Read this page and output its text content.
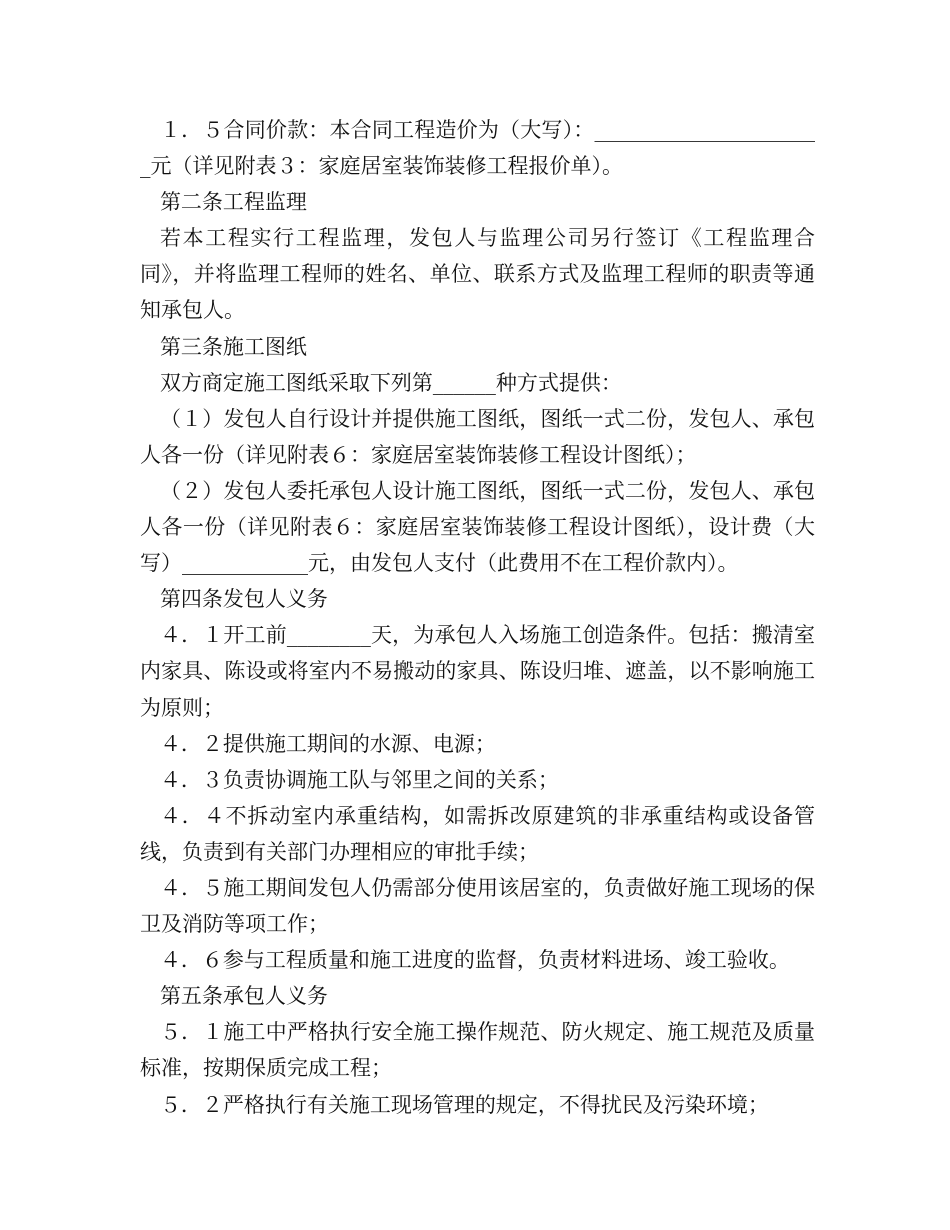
１．５合同价款：本合同工程造价为（大写）：______________________元（详见附表３：家庭居室装饰装修工程报价单）。

第二条工程监理

若本工程实行工程监理，发包人与监理公司另行签订《工程监理合同》，并将监理工程师的姓名、单位、联系方式及监理工程师的职责等通知承包人。

第三条施工图纸

双方商定施工图纸采取下列第______种方式提供：

（１）发包人自行设计并提供施工图纸，图纸一式二份，发包人、承包人各一份（详见附表６：家庭居室装饰装修工程设计图纸）；

（２）发包人委托承包人设计施工图纸，图纸一式二份，发包人、承包人各一份（详见附表６：家庭居室装饰装修工程设计图纸），设计费（大写）____________元，由发包人支付（此费用不在工程价款内）。

第四条发包人义务

４．１开工前________天，为承包人入场施工创造条件。包括：搬清室内家具、陈设或将室内不易搬动的家具、陈设归堆、遮盖，以不影响施工为原则；

４．２提供施工期间的水源、电源；

４．３负责协调施工队与邻里之间的关系；

４．４不拆动室内承重结构，如需拆改原建筑的非承重结构或设备管线，负责到有关部门办理相应的审批手续；

４．５施工期间发包人仍需部分使用该居室的，负责做好施工现场的保卫及消防等项工作；

４．６参与工程质量和施工进度的监督，负责材料进场、竣工验收。

第五条承包人义务

５．１施工中严格执行安全施工操作规范、防火规定、施工规范及质量标准，按期保质完成工程；

５．２严格执行有关施工现场管理的规定，不得扰民及污染环境；
